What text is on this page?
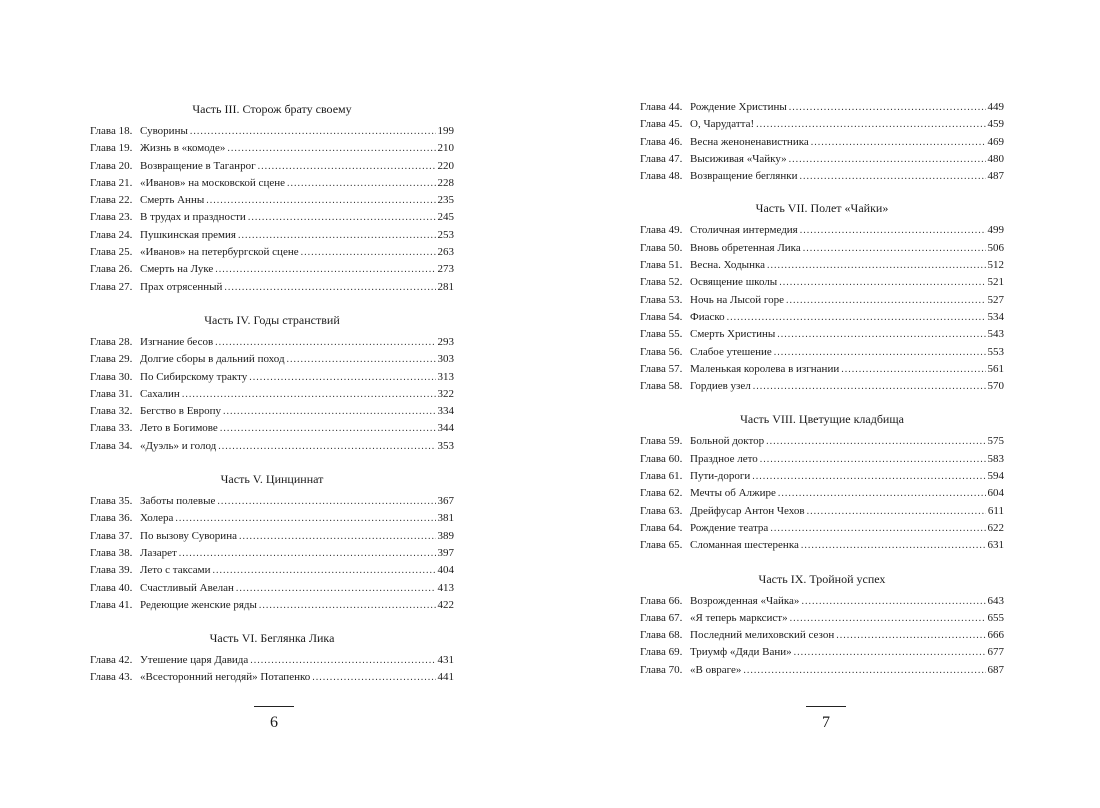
Часть III. Сторож брату своему
Глава 18. Суворины .....	199
Глава 19. Жизнь в «комоде» .....	210
Глава 20. Возвращение в Таганрог .....	220
Глава 21. «Иванов» на московской сцене .....	228
Глава 22. Смерть Анны .....	235
Глава 23. В трудах и праздности .....	245
Глава 24. Пушкинская премия .....	253
Глава 25. «Иванов» на петербургской сцене .....	263
Глава 26. Смерть на Луке .....	273
Глава 27. Прах отрясенный .....	281
Часть IV. Годы странствий
Глава 28. Изгнание бесов .....	293
Глава 29. Долгие сборы в дальний поход .....	303
Глава 30. По Сибирскому тракту .....	313
Глава 31. Сахалин .....	322
Глава 32. Бегство в Европу .....	334
Глава 33. Лето в Богимове .....	344
Глава 34. «Дуэль» и голод .....	353
Часть V. Цинциннат
Глава 35. Заботы полевые .....	367
Глава 36. Холера .....	381
Глава 37. По вызову Суворина .....	389
Глава 38. Лазарет .....	397
Глава 39. Лето с таксами .....	404
Глава 40. Счастливый Авелан .....	413
Глава 41. Редеющие женские ряды .....	422
Часть VI. Беглянка Лика
Глава 42. Утешение царя Давида .....	431
Глава 43. «Всесторонний негодяй» Потапенко .....	441
6
Глава 44. Рождение Христины .....	449
Глава 45. О, Чарудатта! .....	459
Глава 46. Весна женоненавистника .....	469
Глава 47. Высиживая «Чайку» .....	480
Глава 48. Возвращение беглянки .....	487
Часть VII. Полет «Чайки»
Глава 49. Столичная интермедия .....	499
Глава 50. Вновь обретенная Лика .....	506
Глава 51. Весна. Ходынка .....	512
Глава 52. Освящение школы .....	521
Глава 53. Ночь на Лысой горе .....	527
Глава 54. Фиаско .....	534
Глава 55. Смерть Христины .....	543
Глава 56. Слабое утешение .....	553
Глава 57. Маленькая королева в изгнании .....	561
Глава 58. Гордиев узел .....	570
Часть VIII. Цветущие кладбища
Глава 59. Больной доктор .....	575
Глава 60. Праздное лето .....	583
Глава 61. Пути-дороги .....	594
Глава 62. Мечты об Алжире .....	604
Глава 63. Дрейфусар Антон Чехов .....	611
Глава 64. Рождение театра .....	622
Глава 65. Сломанная шестеренка .....	631
Часть IX. Тройной успех
Глава 66. Возрожденная «Чайка» .....	643
Глава 67. «Я теперь марксист» .....	655
Глава 68. Последний мелиховский сезон .....	666
Глава 69. Триумф «Дяди Вани» .....	677
Глава 70. «В овраге» .....	687
7
